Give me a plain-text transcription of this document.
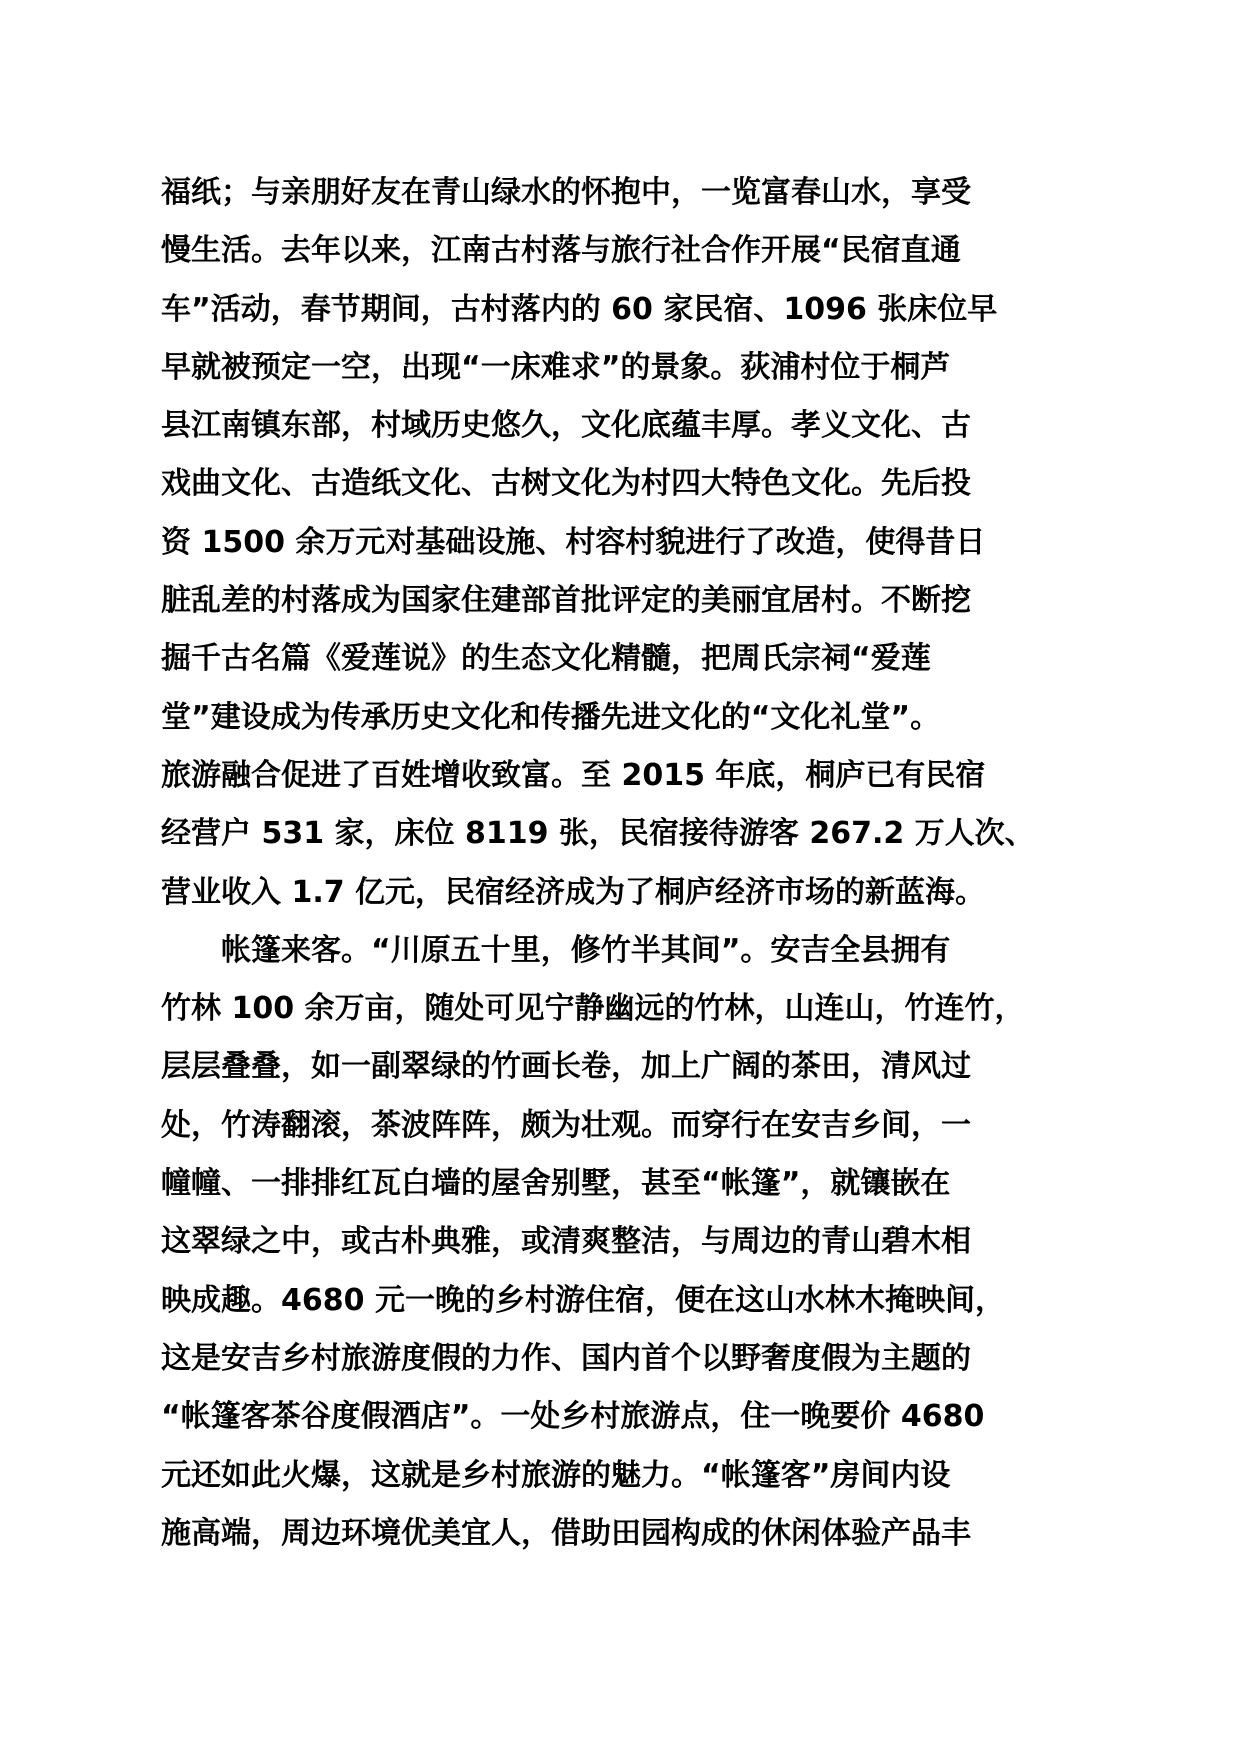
福纸；与亲朋好友在青山绿水的怀抱中，一览富春山水，享受
慢生活。去年以来，江南古村落与旅行社合作开展“民宿直通
车”活动，春节期间，古村落内的 60 家民宿、1096 张床位早
早就被预定一空，出现“一床难求”的景象。荻浦村位于桐芦
县江南镇东部，村域历史悠久，文化底蕴丰厚。孝义文化、古
戏曲文化、古造纸文化、古树文化为村四大特色文化。先后投
资 1500 余万元对基础设施、村容村貌进行了改造，使得昔日
脏乱差的村落成为国家住建部首批评定的美丽宜居村。不断挖
掘千古名篇《爱莲说》的生态文化精髓，把周氏宗祠“爱莲
堂”建设成为传承历史文化和传播先进文化的“文化礼堂”。
旅游融合促进了百姓增收致富。至 2015 年底，桐庐已有民宿
经营户 531 家，床位 8119 张，民宿接待游客 267.2 万人次、
营业收入 1.7 亿元，民宿经济成为了桐庐经济市场的新蓝海。
　　帐篷来客。“川原五十里，修竹半其间”。安吉全县拥有
竹林 100 余万亩，随处可见宁静幽远的竹林，山连山，竹连竹，
层层叠叠，如一副翠绿的竹画长卷，加上广阔的茶田，清风过
处，竹涛翻滚，茶波阵阵，颇为壮观。而穿行在安吉乡间，一
幢幢、一排排红瓦白墙的屋舍别墅，甚至“帐篷”，就镶嵌在
这翠绿之中，或古朴典雅，或清爽整洁，与周边的青山碧木相
映成趣。4680 元一晚的乡村游住宿，便在这山水林木掩映间，
这是安吉乡村旅游度假的力作、国内首个以野奢度假为主题的
“帐篷客茶谷度假酒店”。一处乡村旅游点，住一晚要价 4680
元还如此火爆，这就是乡村旅游的魅力。“帐篷客”房间内设
施高端，周边环境优美宜人，借助田园构成的休闲体验产品丰
